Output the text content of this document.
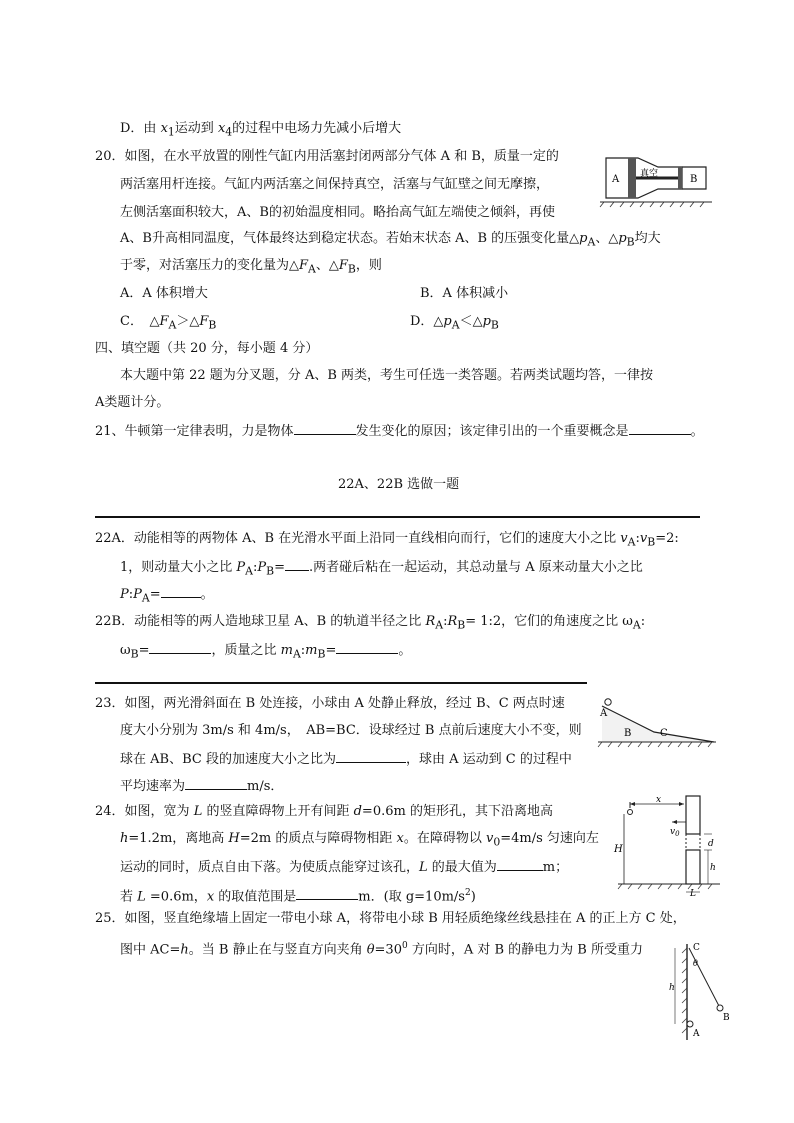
D．由 $x_1$运动到 $x_4$的过程中电场力先减小后增大
20．如图，在水平放置的刚性气缸内用活塞封闭两部分气体 A 和 B，质量一定的
两活塞用杆连接。气缸内两活塞之间保持真空，活塞与气缸壁之间无摩擦，
左侧活塞面积较大，A、B的初始温度相同。略抬高气缸左端使之倾斜，再使
A、B升高相同温度，气体最终达到稳定状态。若始末状态 A、B 的压强变化量$\triangle p_A$、$\triangle p_B$均大
于零，对活塞压力的变化量为$\triangle F_A$、$\triangle F_B$，则
A．A 体积增大	B．A 体积减小
C．　$\triangle F_A>\triangle F_B$	D．$\triangle p_A<\triangle p_B$
A 真空	B
四、填空题（共 20 分，每小题 4 分）
本大题中第 22 题为分叉题，分 A、B 两类，考生可任选一类答题。若两类试题均答，一律按
A类题计分。
21、牛顿第一定律表明，力是物体	发生变化的原因；该定律引出的一个重要概念是	。
22A、22B 选做一题
22A．动能相等的两物体 A、B 在光滑水平面上沿同一直线相向而行，它们的速度大小之比 $v_A:v_B=2$:
1，则动量大小之比 $P_A:P_B=$ .两者碰后粘在一起运动，其总动量与 A 原来动量大小之比
$P:P_A=$	。
22B．动能相等的两人造地球卫星 A、B 的轨道半径之比 $R_A:R_B=$ 1:2，它们的角速度之比 $\omega_A$:
$\omega_B=$	，质量之比 $m_A:m_B=$	。
23．如图，两光滑斜面在 B 处连接，小球由 A 处静止释放，经过 B、C 两点时速
度大小分别为 3m/s 和 4m/s，　AB=BC．设球经过 B 点前后速度大小不变，则
球在 AB、BC 段的加速度大小之比为	，球由 A 运动到 C 的过程中
平均速率为	m/s．
A
B	C
24．如图，宽为 L 的竖直障碍物上开有间距 d=0.6m 的矩形孔，其下沿离地高
h=1.2m，离地高 H=2m 的质点与障碍物相距 x。在障碍物以 $v_0=4m/s$ 匀速向左
运动的同时，质点自由下落。为使质点能穿过该孔，L 的最大值为	m；
若 L =0.6m，x 的取值范围是	m．(取 $g=10m/s^2$)
x
$v_0$
H	d
h
L
25．如图，竖直绝缘墙上固定一带电小球 A，将带电小球 B 用轻质绝缘丝线悬挂在 A 的正上方 C 处，
图中 AC=h。当 B 静止在与竖直方向夹角 $\theta=30^0$ 方向时，A 对 B 的静电力为 B 所受重力
h
C
θ
A
B
